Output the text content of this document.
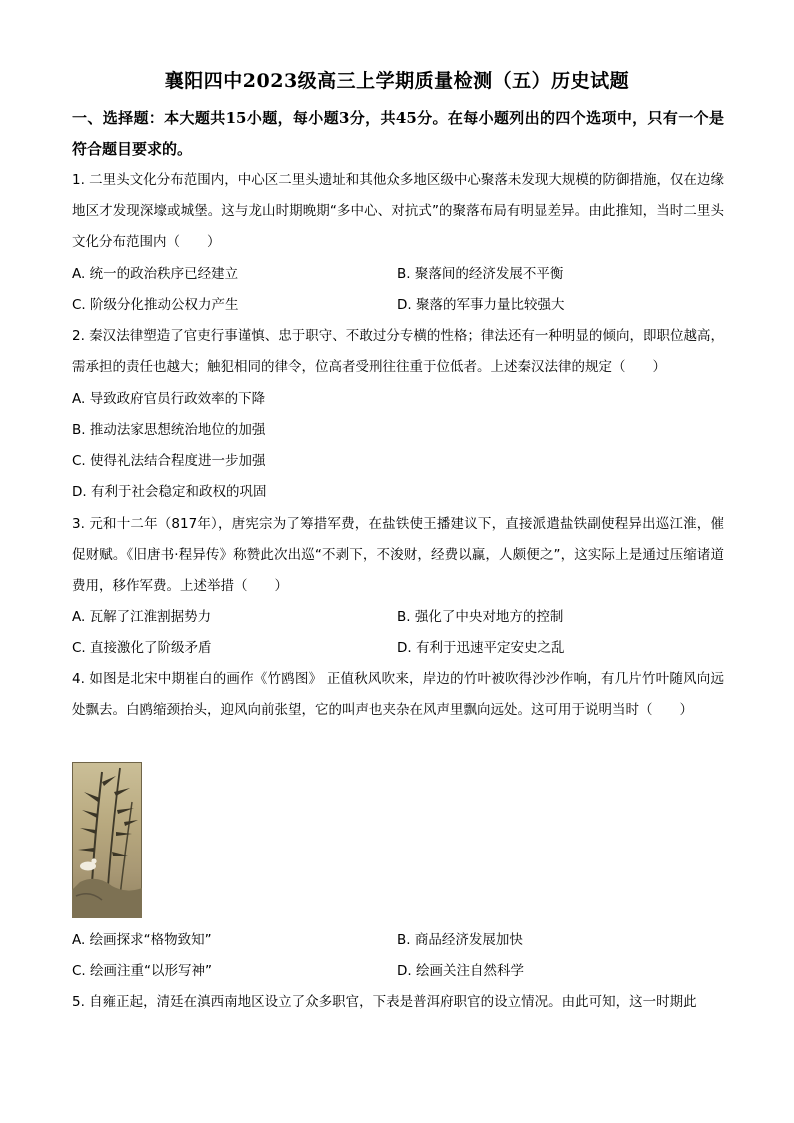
襄阳四中2023级高三上学期质量检测（五）历史试题
一、选择题：本大题共15小题，每小题3分，共45分。在每小题列出的四个选项中，只有一个是符合题目要求的。
1. 二里头文化分布范围内，中心区二里头遗址和其他众多地区级中心聚落未发现大规模的防御措施，仅在边缘地区才发现深壕或城堡。这与龙山时期晚期“多中心、对抗式”的聚落布局有明显差异。由此推知，当时二里头文化分布范围内（　　）
A. 统一的政治秩序已经建立	B. 聚落间的经济发展不平衡
C. 阶级分化推动公权力产生	D. 聚落的军事力量比较强大
2. 秦汉法律塑造了官吏行事谨慎、忠于职守、不敢过分专横的性格；律法还有一种明显的倾向，即职位越高，需承担的责任也越大；触犯相同的律令，位高者受刑往往重于位低者。上述秦汉法律的规定（　　）
A. 导致政府官员行政效率的下降
B. 推动法家思想统治地位的加强
C. 使得礼法结合程度进一步加强
D. 有利于社会稳定和政权的巩固
3. 元和十二年（817年），唐宪宗为了筹措军费，在盐铁使王播建议下，直接派遣盐铁副使程异出巡江淮，催促财赋。《旧唐书·程异传》称赞此次出巡“不剥下，不浚财，经费以赢，人颇便之”，这实际上是通过压缩诸道费用，移作军费。上述举措（　　）
A. 瓦解了江淮割据势力	B. 强化了中央对地方的控制
C. 直接激化了阶级矛盾	D. 有利于迅速平定安史之乱
4. 如图是北宋中期崔白的画作《竹鸥图》 正值秋风吹来，岸边的竹叶被吹得沙沙作响，有几片竹叶随风向远处飘去。白鸥缩颈抬头，迎风向前张望，它的叫声也夹杂在风声里飘向远处。这可用于说明当时（　　）
A. 绘画探求“格物致知”	B. 商品经济发展加快
C. 绘画注重“以形写神”	D. 绘画关注自然科学
5. 自雍正起，清廷在滇西南地区设立了众多职官，下表是普洱府职官的设立情况。由此可知，这一时期此
